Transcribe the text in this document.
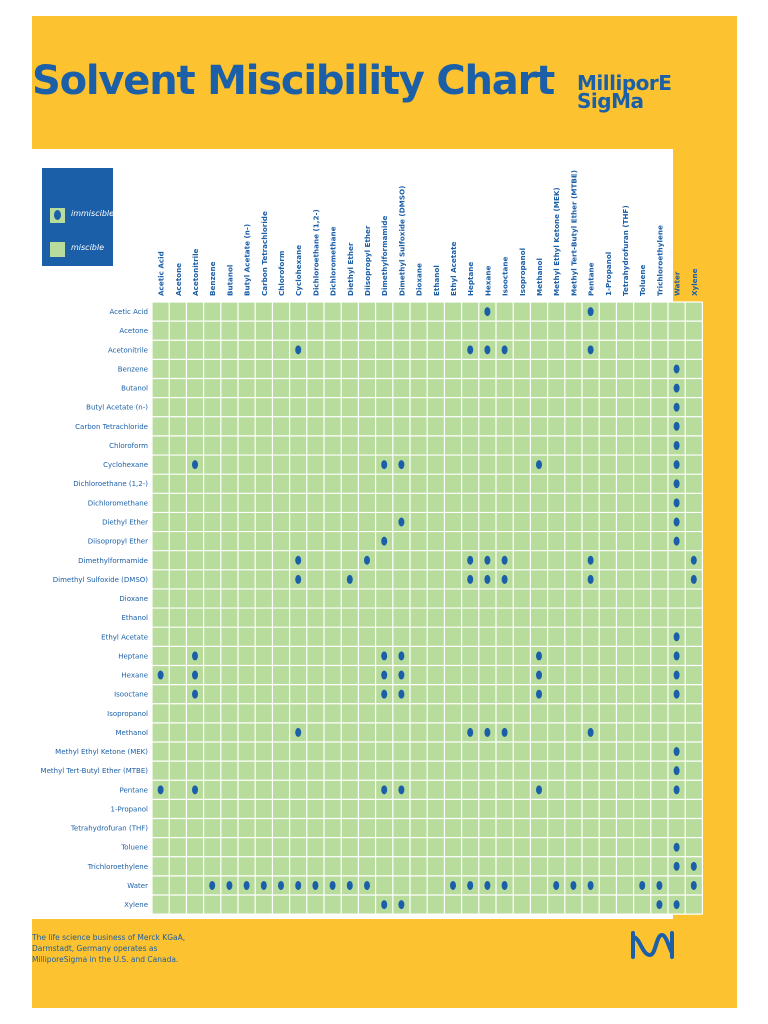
Solvent Miscibility Chart MilliporE
SigMa
Acetic Acid Acetone Acetonitrile Benzene Butanol Butyl Acetate (n-) Carbon Tetrachloride Chloroform Cyclohexane Dichloroethane (1,2-) Dichloromethane Diethyl Ether Diisopropyl Ether Dimethylformamide Dimethyl Sulfoxide (DMSO) Dioxane Ethanol Ethyl Acetate Heptane Hexane Isooctane Isopropanol Methanol Methyl Ethyl Ketone (MEK) Methyl Tert-Butyl Ether (MTBE) Pentane 1-Propanol Tetrahydrofuran (THF) Toluene Trichloroethylene Water Xylene
Acetic Acid
Acetone
Acetonitrile
Benzene
Butanol
Butyl Acetate (n-)
Carbon Tetrachloride
Chloroform
Cyclohexane
Dichloroethane (1,2-)
Dichloromethane
Diethyl Ether
Diisopropyl Ether
Dimethylformamide
Dimethyl Sulfoxide (DMSO)
Dioxane
Ethanol
Ethyl Acetate
Heptane
Hexane
Isooctane
Isopropanol
Methanol
Methyl Ethyl Ketone (MEK)
Methyl Tert-Butyl Ether (MTBE)
Pentane
1-Propanol
Tetrahydrofuran (THF)
Toluene
Trichloroethylene
Water
Xylene
immiscible
miscible
The life science business of Merck KGaA,
Darmstadt, Germany operates as
MilliporeSigma in the U.S. and Canada.
